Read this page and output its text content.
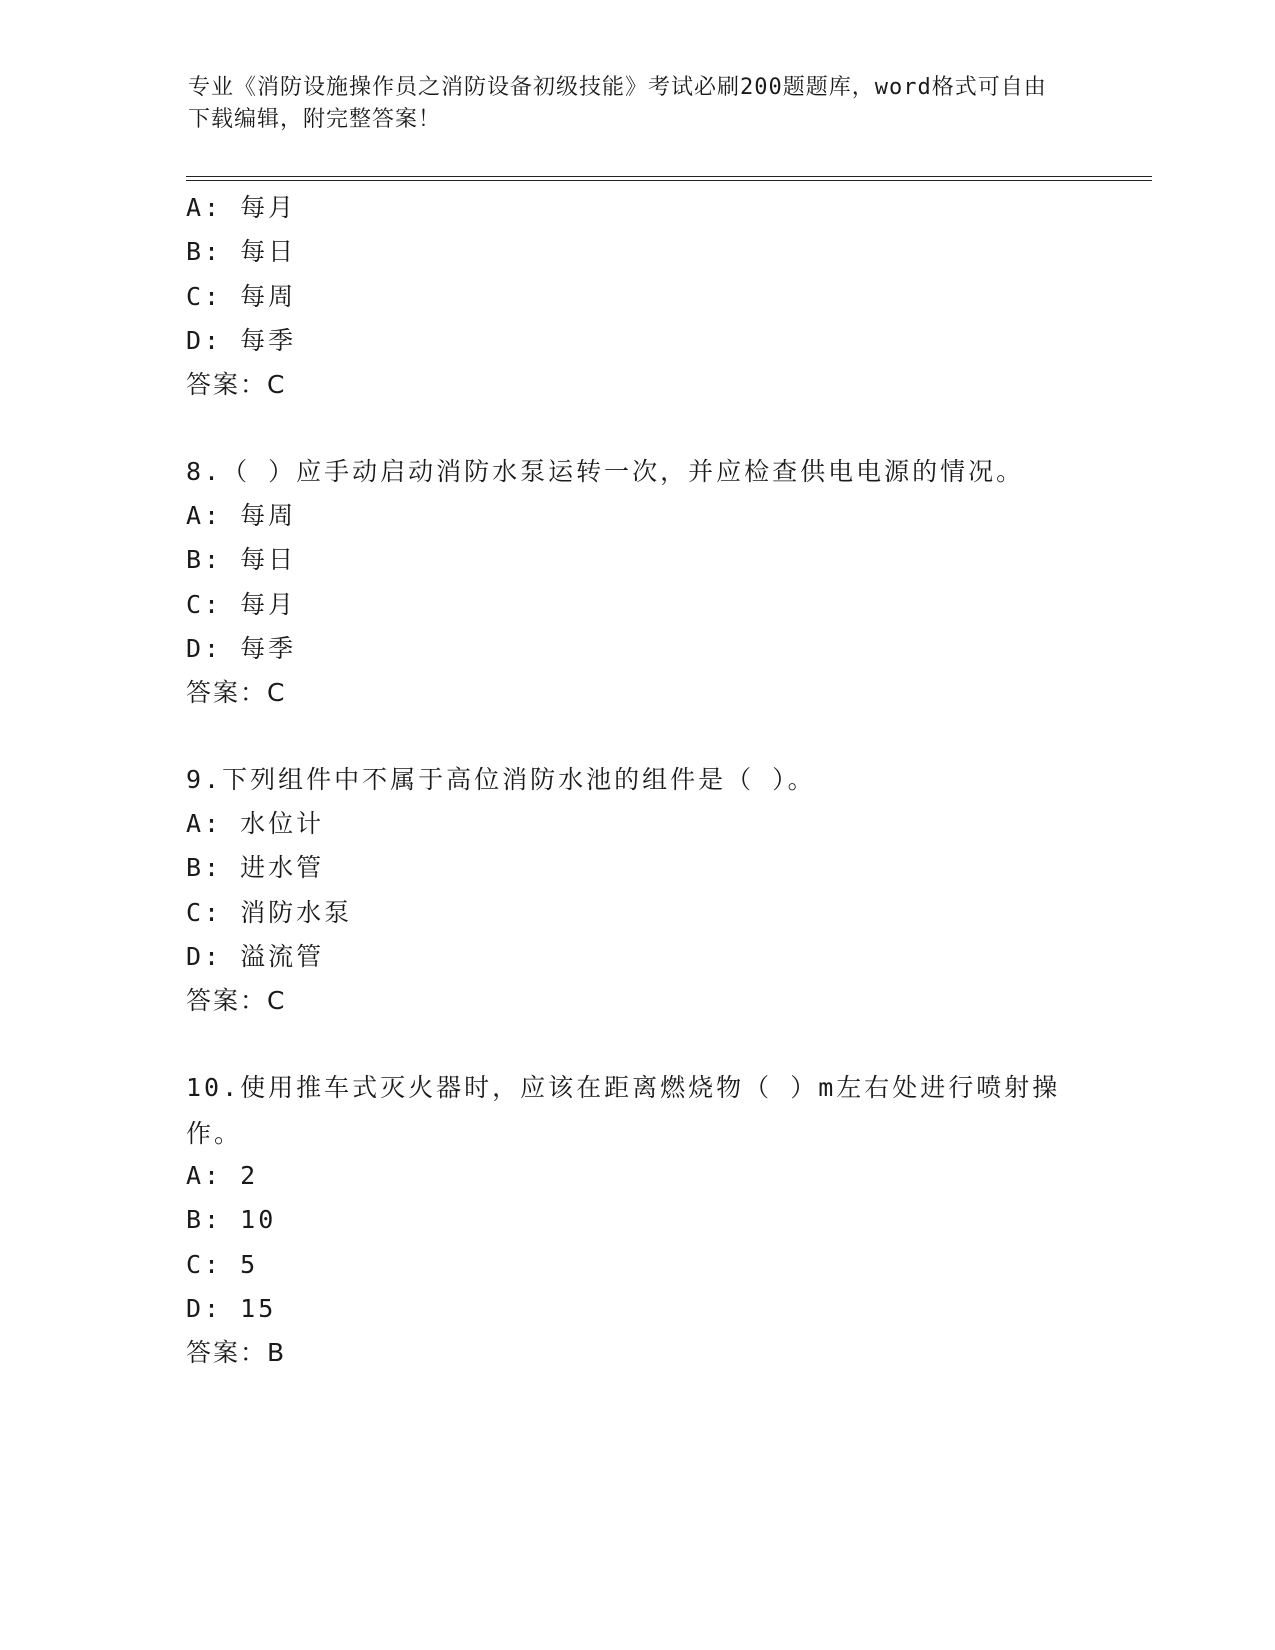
专业《消防设施操作员之消防设备初级技能》考试必刷200题题库，word格式可自由下载编辑，附完整答案！
A: 每月
B: 每日
C: 每周
D: 每季
答案：C
8.（ ）应手动启动消防水泵运转一次，并应检查供电电源的情况。
A: 每周
B: 每日
C: 每月
D: 每季
答案：C
9.下列组件中不属于高位消防水池的组件是（ ）。
A: 水位计
B: 进水管
C: 消防水泵
D: 溢流管
答案：C
10.使用推车式灭火器时，应该在距离燃烧物（ ）m左右处进行喷射操作。
A: 2
B: 10
C: 5
D: 15
答案：B
